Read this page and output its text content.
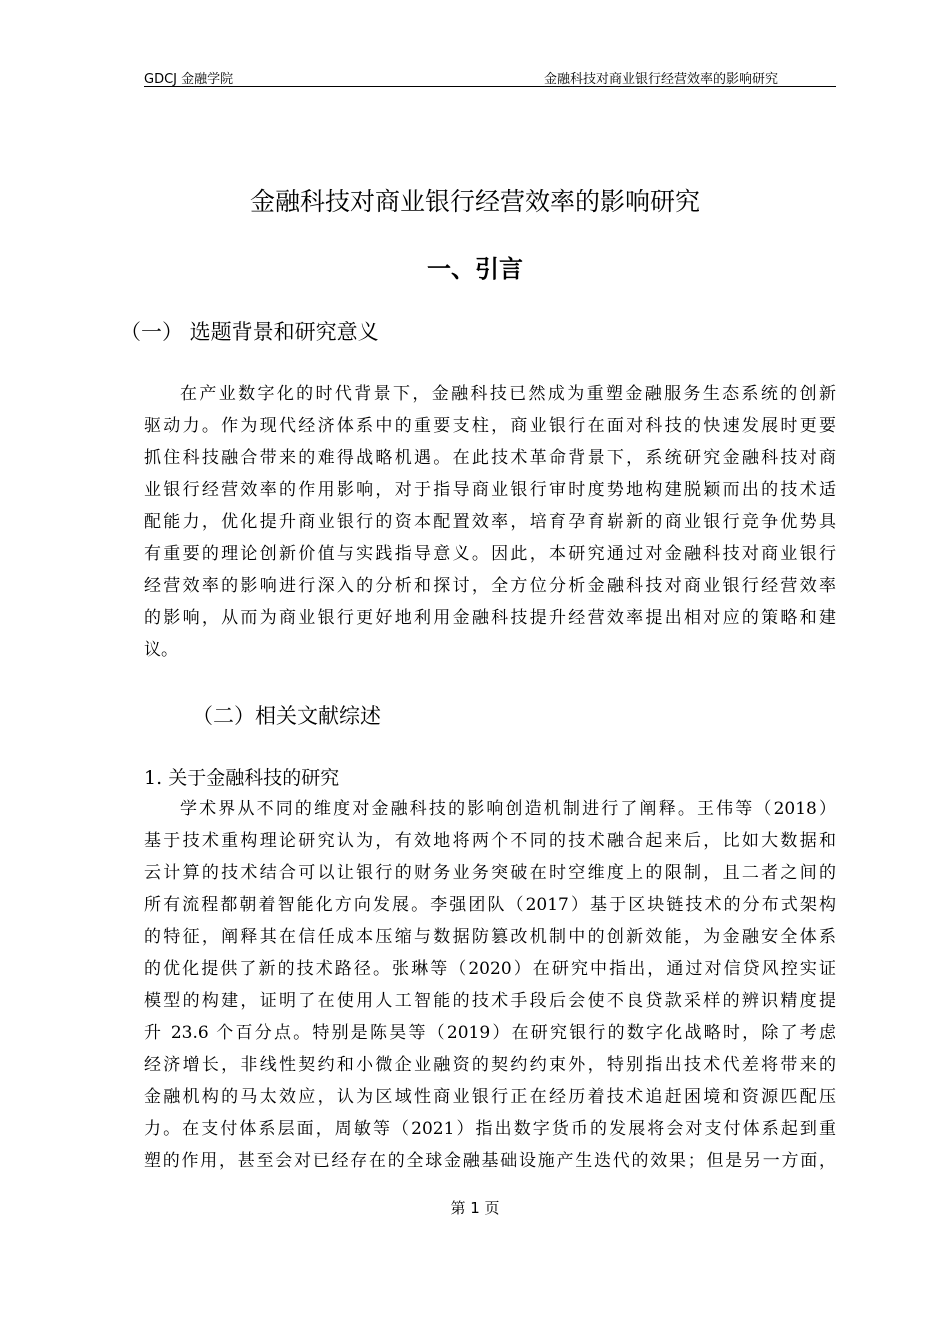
GDCJ 金融学院	金融科技对商业银行经营效率的影响研究
金融科技对商业银行经营效率的影响研究
一、引言
（一） 选题背景和研究意义
在产业数字化的时代背景下，金融科技已然成为重塑金融服务生态系统的创新
驱动力。作为现代经济体系中的重要支柱，商业银行在面对科技的快速发展时更要
抓住科技融合带来的难得战略机遇。在此技术革命背景下，系统研究金融科技对商
业银行经营效率的作用影响，对于指导商业银行审时度势地构建脱颖而出的技术适
配能力，优化提升商业银行的资本配置效率，培育孕育崭新的商业银行竞争优势具
有重要的理论创新价值与实践指导意义。因此，本研究通过对金融科技对商业银行
经营效率的影响进行深入的分析和探讨，全方位分析金融科技对商业银行经营效率
的影响，从而为商业银行更好地利用金融科技提升经营效率提出相对应的策略和建
议。
（二）相关文献综述
1. 关于金融科技的研究
学术界从不同的维度对金融科技的影响创造机制进行了阐释。王伟等（2018）
基于技术重构理论研究认为，有效地将两个不同的技术融合起来后，比如大数据和
云计算的技术结合可以让银行的财务业务突破在时空维度上的限制，且二者之间的
所有流程都朝着智能化方向发展。李强团队（2017）基于区块链技术的分布式架构
的特征，阐释其在信任成本压缩与数据防篡改机制中的创新效能，为金融安全体系
的优化提供了新的技术路径。张琳等（2020）在研究中指出，通过对信贷风控实证
模型的构建，证明了在使用人工智能的技术手段后会使不良贷款采样的辨识精度提
升 23.6 个百分点。特别是陈昊等（2019）在研究银行的数字化战略时，除了考虑
经济增长，非线性契约和小微企业融资的契约约束外，特别指出技术代差将带来的
金融机构的马太效应，认为区域性商业银行正在经历着技术追赶困境和资源匹配压
力。在支付体系层面，周敏等（2021）指出数字货币的发展将会对支付体系起到重
塑的作用，甚至会对已经存在的全球金融基础设施产生迭代的效果；但是另一方面，
第 1 页
